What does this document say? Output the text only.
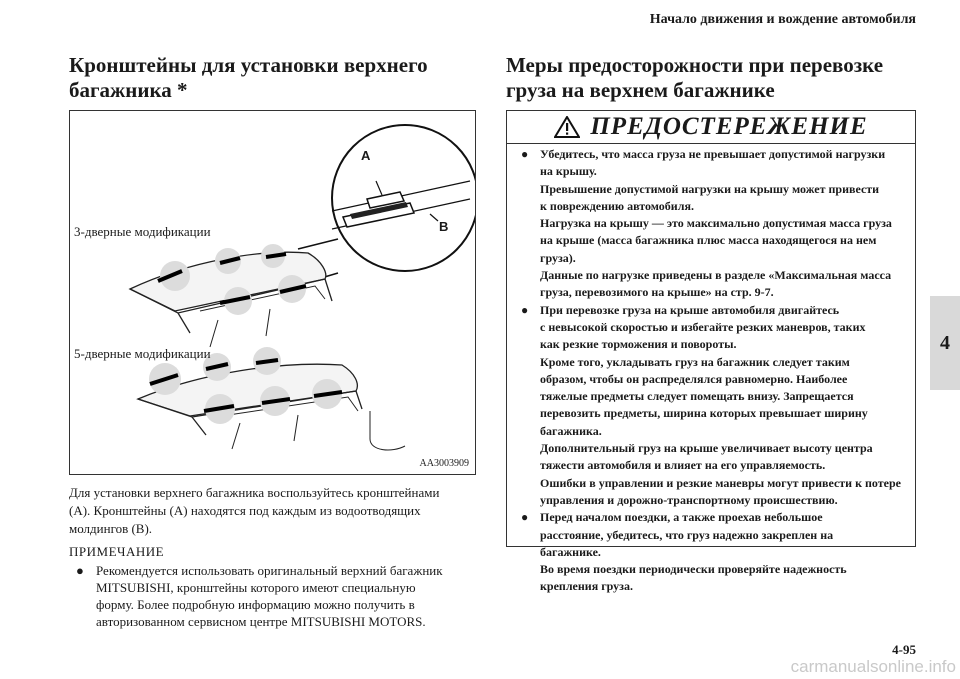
Начало движения и вождение автомобиля
4
Кронштейны для установки верхнего
багажника *
3-дверные модификации
5-дверные модификации
A
B
AA3003909

Для установки верхнего багажника воспользуйтесь кронштейнами

(A). Кронштейны (A) находятся под каждым из водоотводящих

молдингов (B).

ПРИМЕЧАНИЕ
● Рекомендуется использовать оригинальный верхний багажник
MITSUBISHI, кронштейны которого имеют специальную
форму. Более подробную информацию можно получить в
авторизованном сервисном центре MITSUBISHI MOTORS.
Меры предосторожности при перевозке
груза на верхнем багажнике
ПРЕДОСТЕРЕЖЕНИЕ
● Убедитесь, что масса груза не превышает допустимой нагрузки
на крышу.
Превышение допустимой нагрузки на крышу может привести
к повреждению автомобиля.
Нагрузка на крышу — это максимально допустимая масса груза
на крыше (масса багажника плюс масса находящегося на нем
груза).
Данные по нагрузке приведены в разделе «Максимальная масса
груза, перевозимого на крыше» на стр. 9-7.
● При перевозке груза на крыше автомобиля двигайтесь
с невысокой скоростью и избегайте резких маневров, таких
как резкие торможения и повороты.
Кроме того, укладывать груз на багажник следует таким
образом, чтобы он распределялся равномерно. Наиболее
тяжелые предметы следует помещать внизу. Запрещается
перевозить предметы, ширина которых превышает ширину
багажника.
Дополнительный груз на крыше увеличивает высоту центра
тяжести автомобиля и влияет на его управляемость.
Ошибки в управлении и резкие маневры могут привести к потере
управления и дорожно-транспортному происшествию.
● Перед началом поездки, а также проехав небольшое
расстояние, убедитесь, что груз надежно закреплен на
багажнике.
Во время поездки периодически проверяйте надежность
крепления груза.
4-95
carmanualsonline.info
